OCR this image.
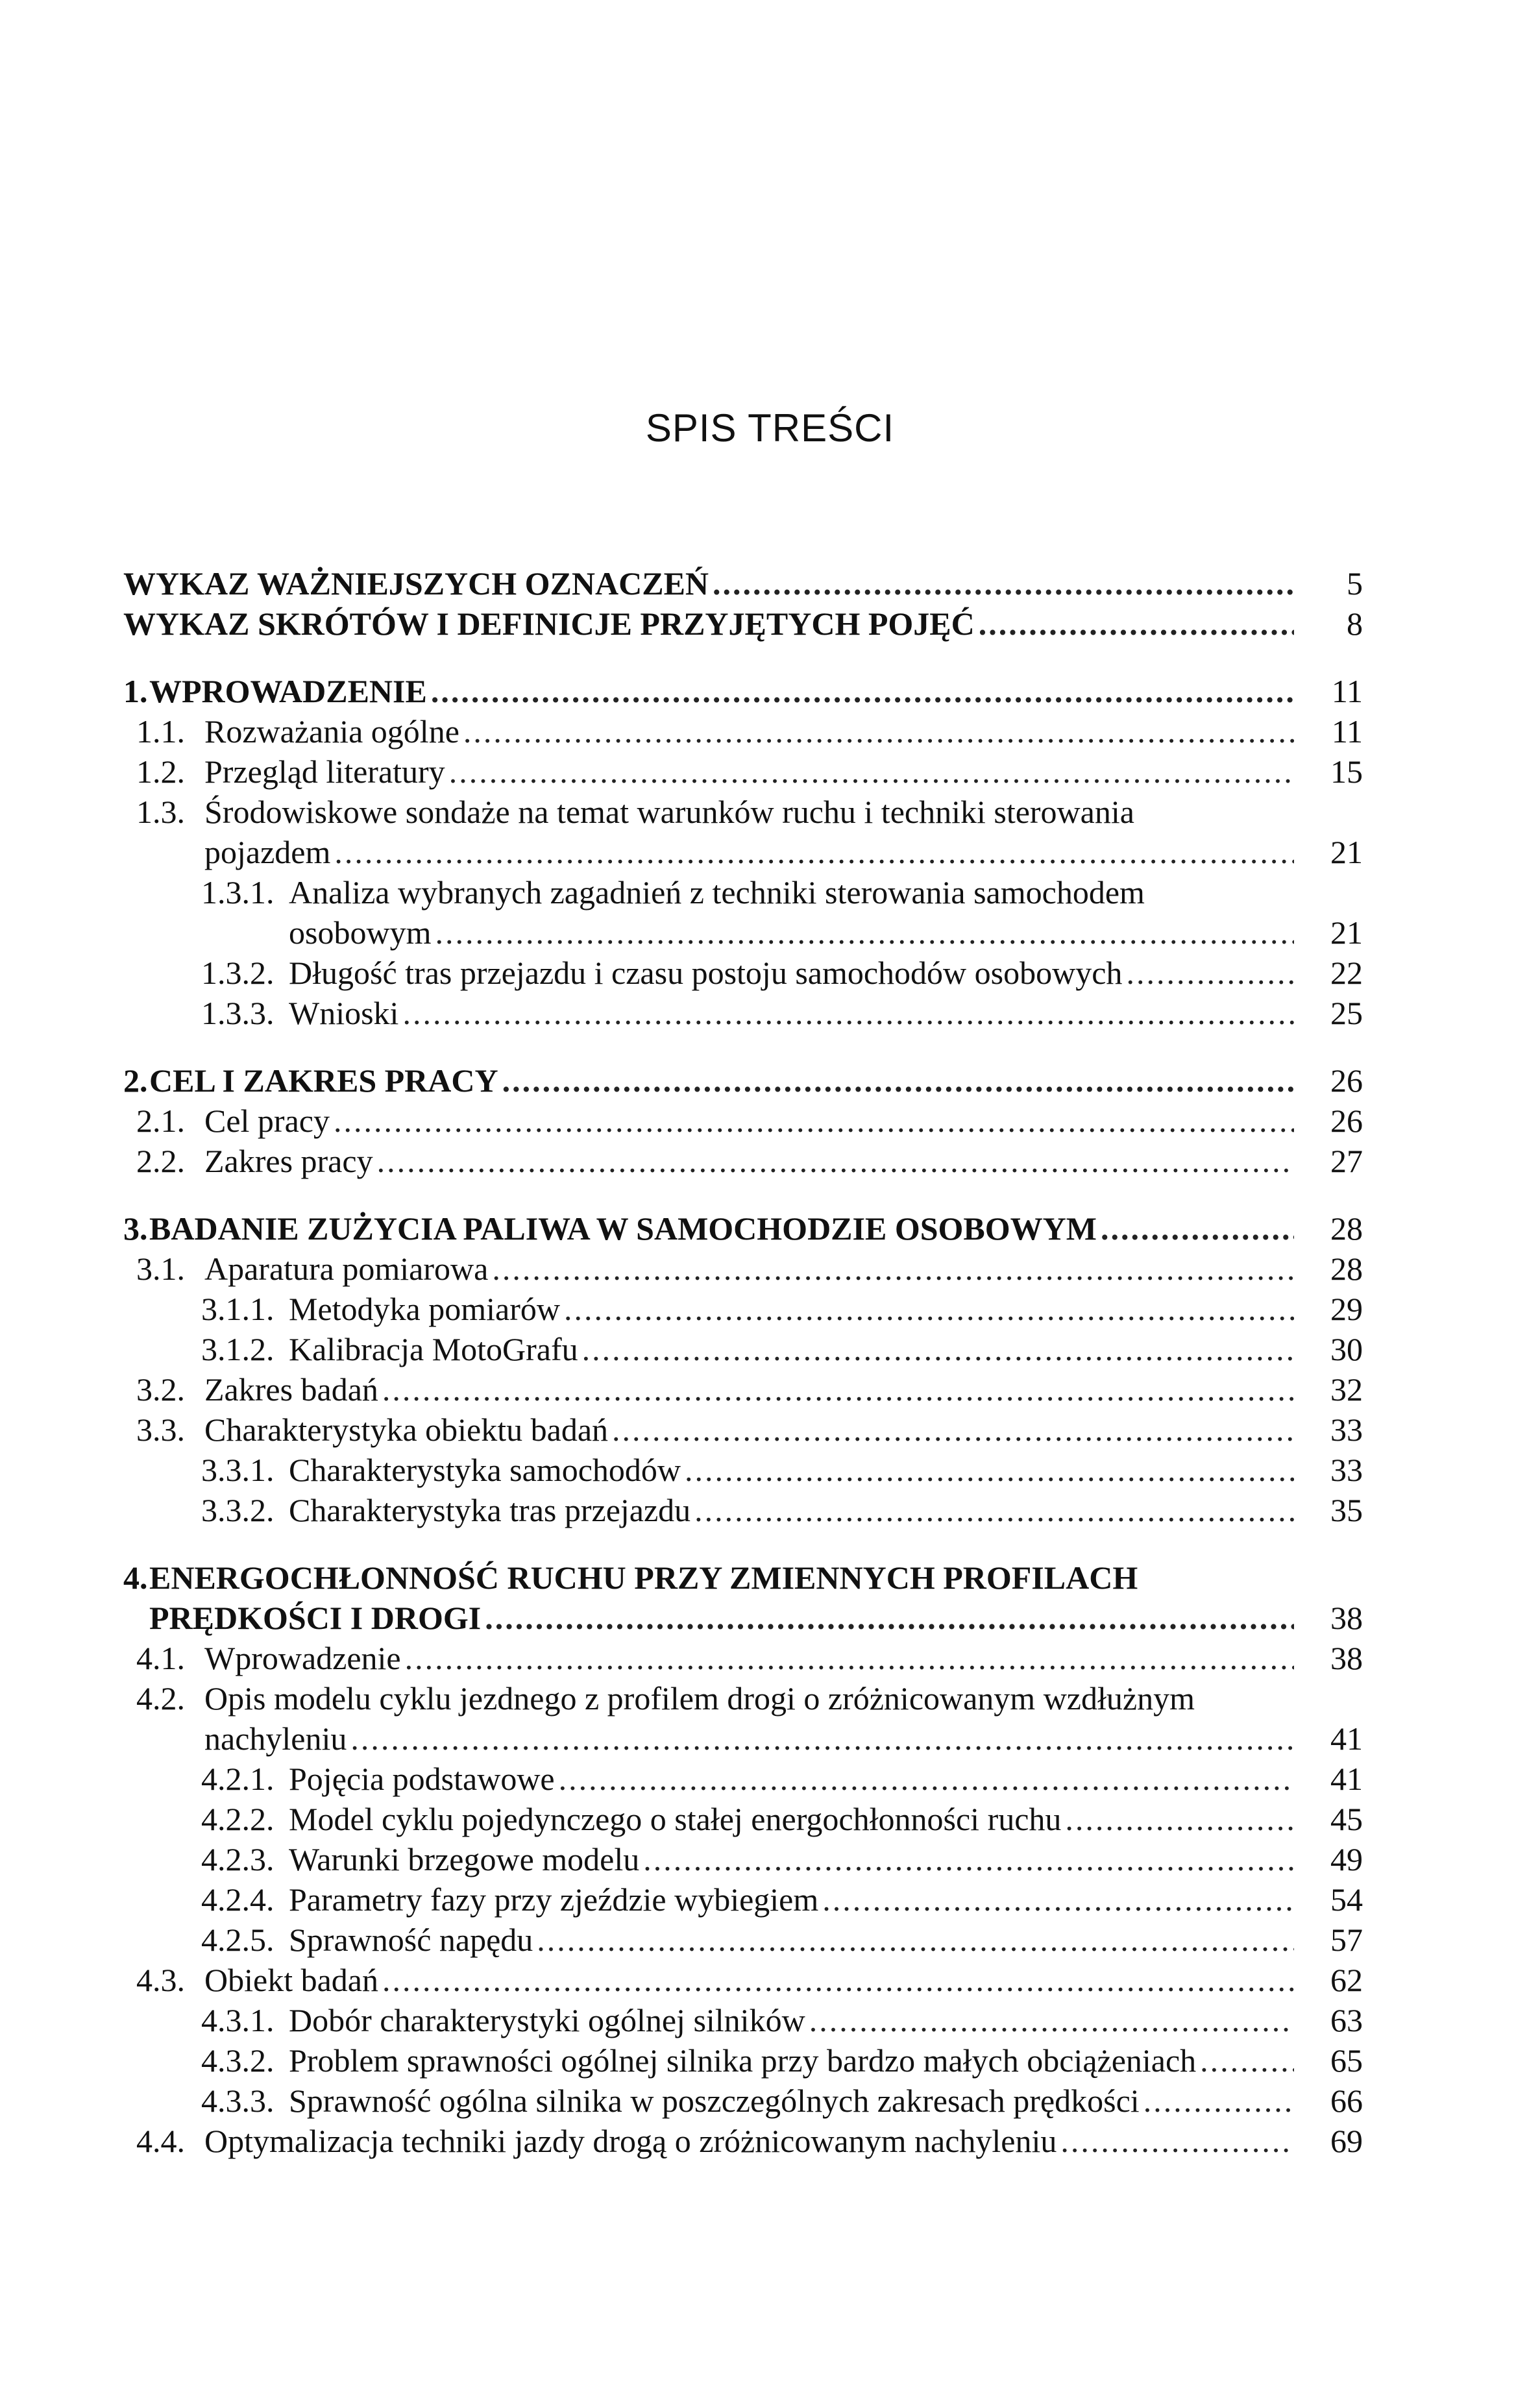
SPIS TREŚCI
WYKAZ WAŻNIEJSZYCH OZNACZEŃ .....	5
WYKAZ SKRÓTÓW I DEFINICJE PRZYJĘTYCH POJĘĆ .....	8
1. WPROWADZENIE .....	11
1.1. Rozważania ogólne .....	11
1.2. Przegląd literatury .....	15
1.3. Środowiskowe sondaże na temat warunków ruchu i techniki sterowania
pojazdem .....	21
1.3.1. Analiza wybranych zagadnień z techniki sterowania samochodem
osobowym .....	21
1.3.2. Długość tras przejazdu i czasu postoju samochodów osobowych .....	22
1.3.3. Wnioski .....	25
2. CEL I ZAKRES PRACY .....	26
2.1. Cel pracy .....	26
2.2. Zakres pracy .....	27
3. BADANIE ZUŻYCIA PALIWA W SAMOCHODZIE OSOBOWYM .....	28
3.1. Aparatura pomiarowa .....	28
3.1.1. Metodyka pomiarów .....	29
3.1.2. Kalibracja MotoGrafu .....	30
3.2. Zakres badań .....	32
3.3. Charakterystyka obiektu badań .....	33
3.3.1. Charakterystyka samochodów .....	33
3.3.2. Charakterystyka tras przejazdu .....	35
4. ENERGOCHŁONNOŚĆ RUCHU PRZY ZMIENNYCH PROFILACH
PRĘDKOŚCI I DROGI .....	38
4.1. Wprowadzenie .....	38
4.2. Opis modelu cyklu jezdnego z profilem drogi o zróżnicowanym wzdłużnym
nachyleniu .....	41
4.2.1. Pojęcia podstawowe .....	41
4.2.2. Model cyklu pojedynczego o stałej energochłonności ruchu .....	45
4.2.3. Warunki brzegowe modelu .....	49
4.2.4. Parametry fazy przy zjeździe wybiegiem .....	54
4.2.5. Sprawność napędu .....	57
4.3. Obiekt badań .....	62
4.3.1. Dobór charakterystyki ogólnej silników .....	63
4.3.2. Problem sprawności ogólnej silnika przy bardzo małych obciążeniach .....	65
4.3.3. Sprawność ogólna silnika w poszczególnych zakresach prędkości .....	66
4.4. Optymalizacja techniki jazdy drogą o zróżnicowanym nachyleniu .....	69
